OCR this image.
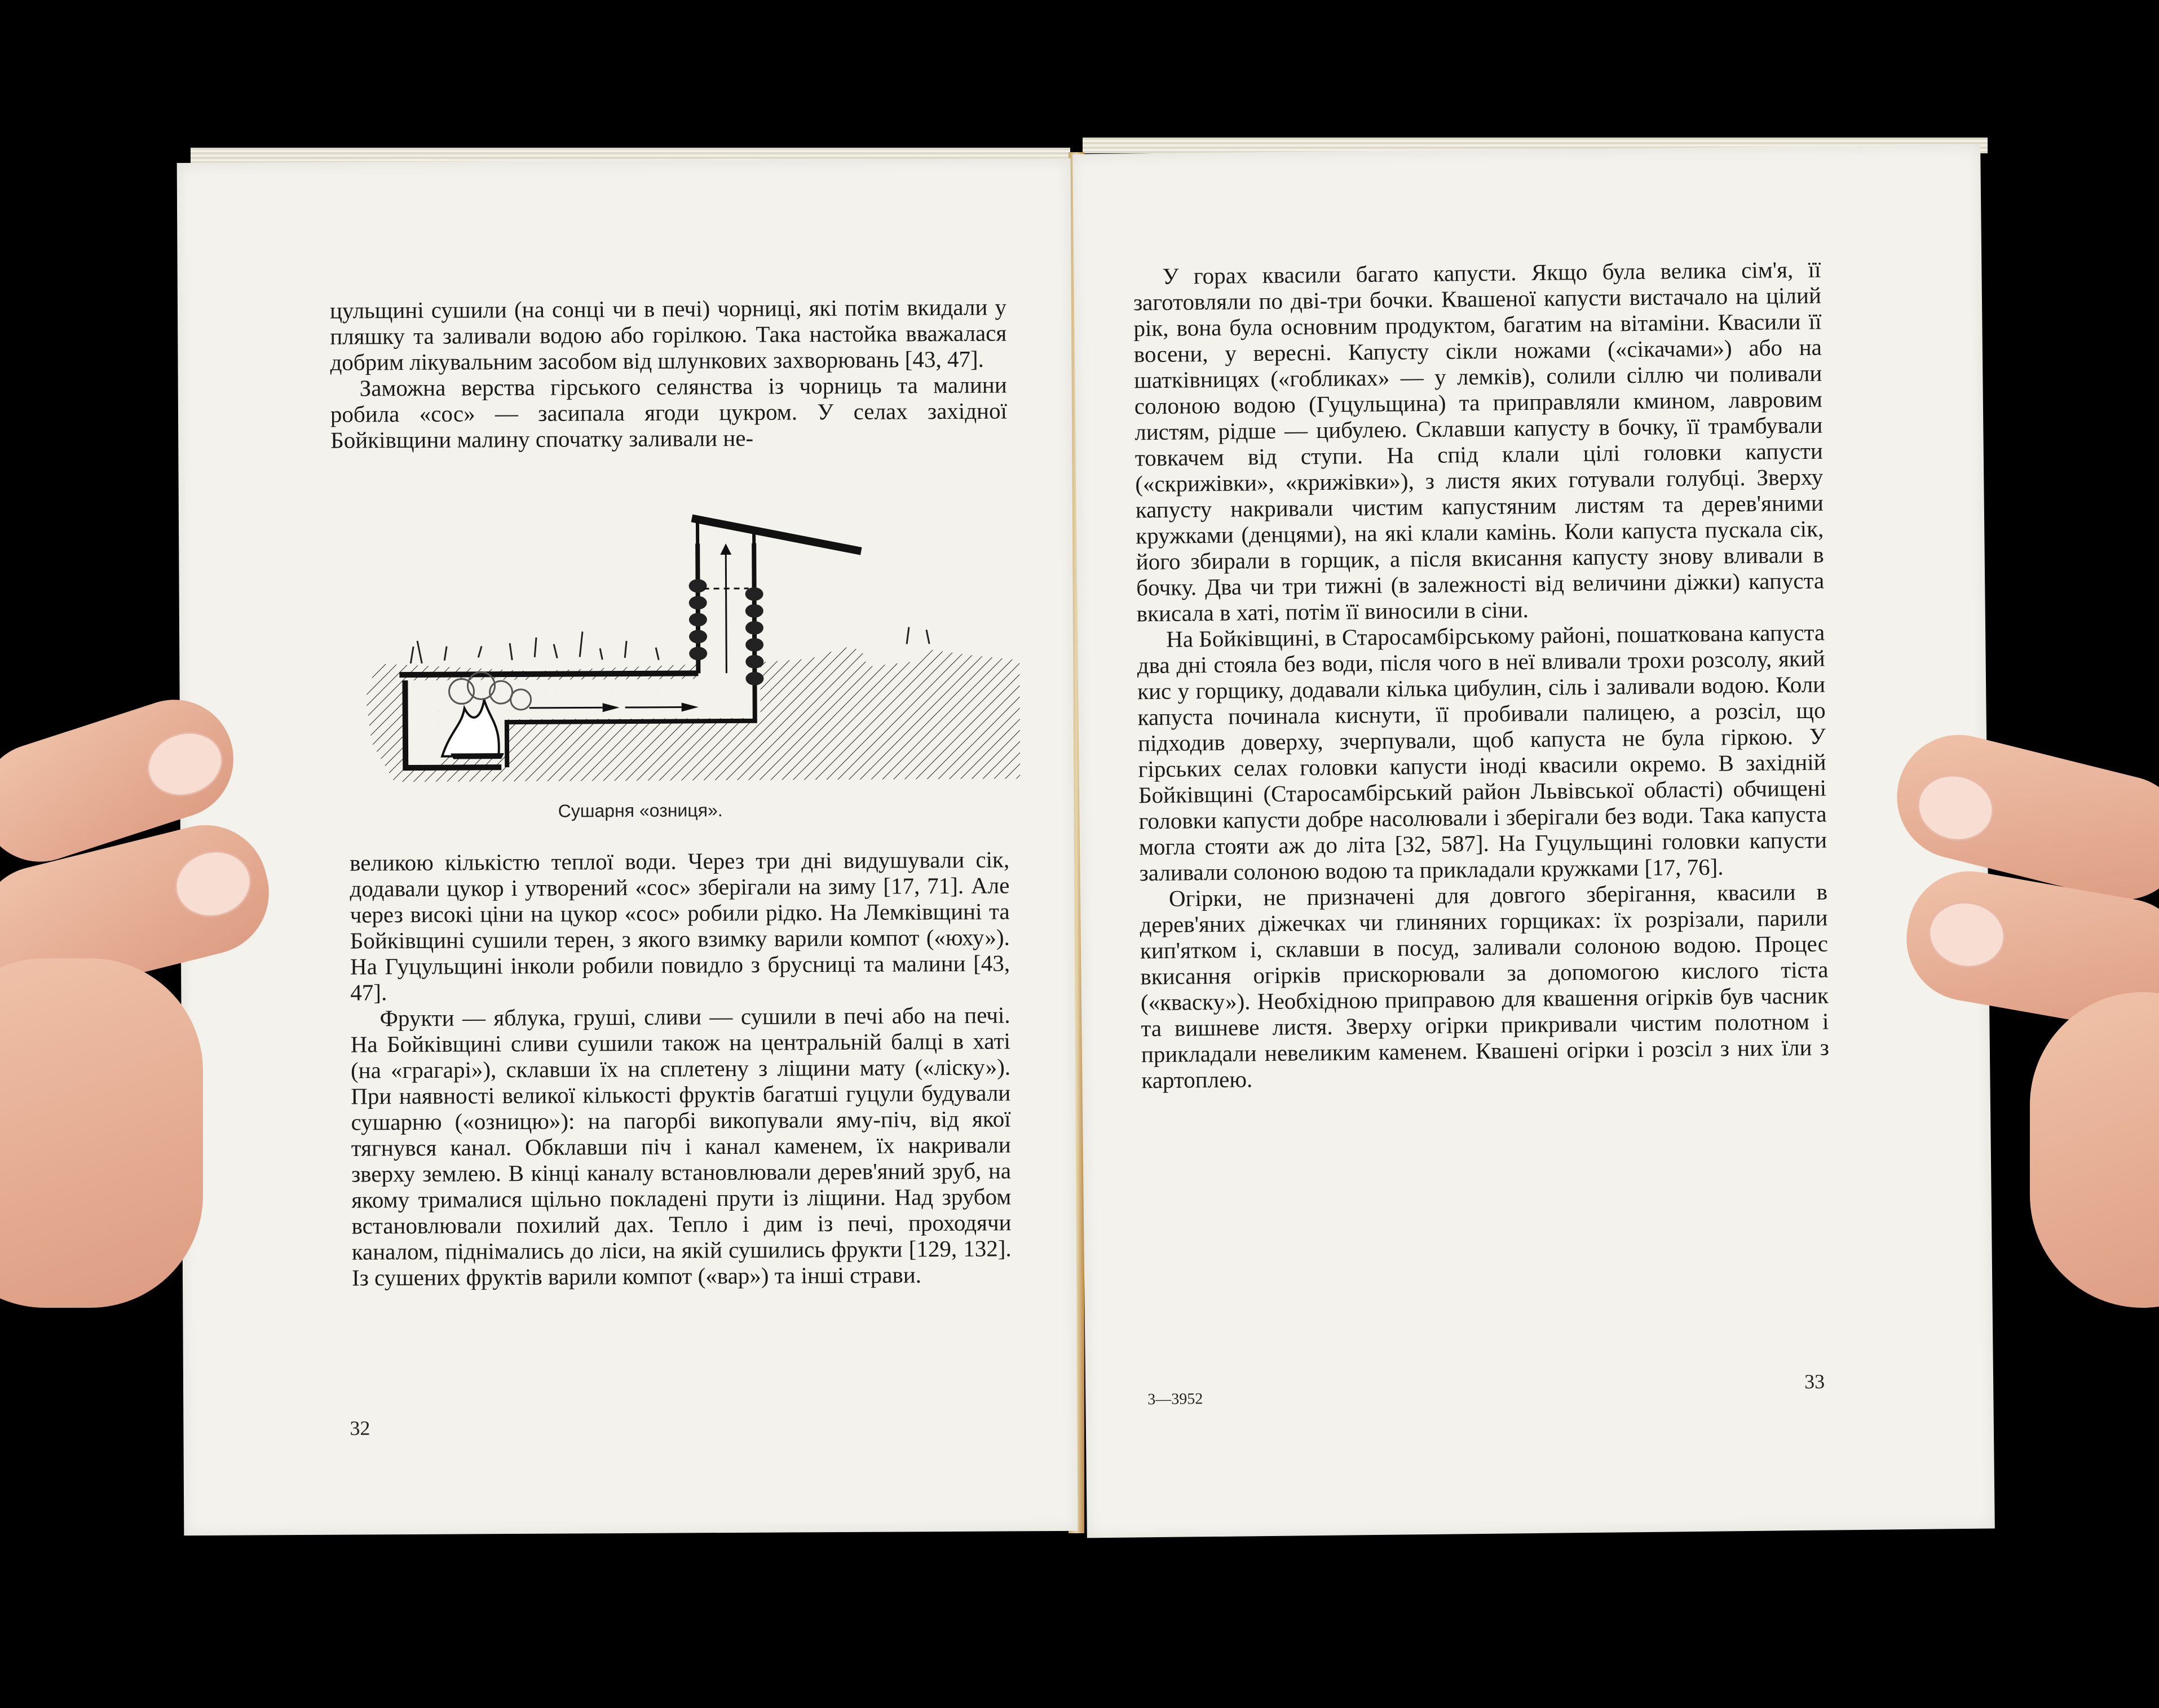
цульщині сушили (на сонці чи в печі) чорниці, які потім вкидали у пляшку та заливали водою або горілкою. Така настойка вважалася добрим лікувальним засобом від шлункових захворювань [43, 47].

Заможна верства гірського селянства із чорниць та малини робила «сос» — засипала ягоди цукром. У селах західної Бойківщини малину спочатку заливали не-

Сушарня «озниця».

великою кількістю теплої води. Через три дні видушували сік, додавали цукор і утворений «сос» зберігали на зиму [17, 71]. Але через високі ціни на цукор «сос» робили рідко. На Лемківщині та Бойківщині сушили терен, з якого взимку варили компот («юху»). На Гуцульщині інколи робили повидло з брусниці та малини [43, 47].

Фрукти — яблука, груші, сливи — сушили в печі або на печі. На Бойківщині сливи сушили також на центральній балці в хаті (на «грагарі»), склавши їх на сплетену з ліщини мату («ліску»). При наявності великої кількості фруктів багатші гуцули будували сушарню («озницю»): на пагорбі викопували яму-піч, від якої тягнувся канал. Обклавши піч і канал каменем, їх накривали зверху землею. В кінці каналу встановлювали дерев'яний зруб, на якому трималися щільно покладені прути із ліщини. Над зрубом встановлювали похилий дах. Тепло і дим із печі, проходячи каналом, піднімались до ліси, на якій сушились фрукти [129, 132]. Із сушених фруктів варили компот («вар») та інші страви.

32

У горах квасили багато капусти. Якщо була велика сім'я, її заготовляли по дві-три бочки. Квашеної капусти вистачало на цілий рік, вона була основним продуктом, багатим на вітаміни. Квасили її восени, у вересні. Капусту сікли ножами («сікачами») або на шатківницях («гобликах» — у лемків), солили сіллю чи поливали солоною водою (Гуцульщина) та приправляли кмином, лавровим листям, рідше — цибулею. Склавши капусту в бочку, її трамбували товкачем від ступи. На спід клали цілі головки капусти («скрижівки», «крижівки»), з листя яких готували голубці. Зверху капусту накривали чистим капустяним листям та дерев'яними кружками (денцями), на які клали камінь. Коли капуста пускала сік, його збирали в горщик, а після вкисання капусту знову вливали в бочку. Два чи три тижні (в залежності від величини діжки) капуста вкисала в хаті, потім її виносили в сіни.

На Бойківщині, в Старосамбірському районі, пошаткована капуста два дні стояла без води, після чого в неї вливали трохи розсолу, який кис у горщику, додавали кілька цибулин, сіль і заливали водою. Коли капуста починала киснути, її пробивали палицею, а розсіл, що підходив доверху, зчерпували, щоб капуста не була гіркою. У гірських селах головки капусти іноді квасили окремо. В західній Бойківщині (Старосамбірський район Львівської області) обчищені головки капусти добре насолювали і зберігали без води. Така капуста могла стояти аж до літа [32, 587]. На Гуцульщині головки капусти заливали солоною водою та прикладали кружками [17, 76].

Огірки, не призначені для довгого зберігання, квасили в дерев'яних діжечках чи глиняних горщиках: їх розрізали, парили кип'ятком і, склавши в посуд, заливали солоною водою. Процес вкисання огірків прискорювали за допомогою кислого тіста («кваску»). Необхідною приправою для квашення огірків був часник та вишневе листя. Зверху огірки прикривали чистим полотном і прикладали невеликим каменем. Квашені огірки і розсіл з них їли з картоплею.

3—3952
33
